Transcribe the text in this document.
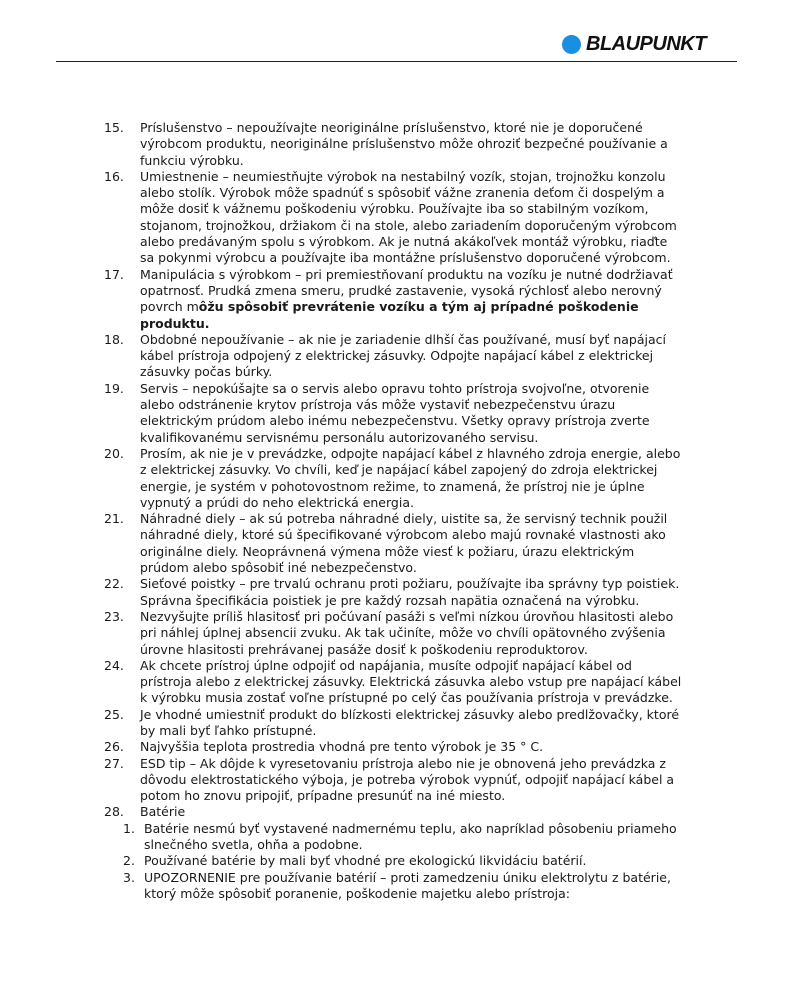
BLAUPUNKT
15. Príslušenstvo – nepoužívajte neoriginálne príslušenstvo, ktoré nie je doporučené výrobcom produktu, neoriginálne príslušenstvo môže ohroziť bezpečné používanie a funkciu výrobku.
16. Umiestnenie – neumiestňujte výrobok na nestabilný vozík, stojan, trojnožku konzolu alebo stolík. Výrobok môže spadnúť s spôsobiť vážne zranenia deťom či dospelým a môže dosiť k vážnemu poškodeniu výrobku. Používajte iba so stabilným vozíkom, stojanom, trojnožkou, držiakom či na stole, alebo zariadením doporučeným výrobcom alebo predávaným spolu s výrobkom. Ak je nutná akákoľvek montáž výrobku, riaďte sa pokynmi výrobcu a používajte iba montážne príslušenstvo doporučené výrobcom.
17. Manipulácia s výrobkom – pri premiestňovaní produktu na vozíku je nutné dodržiavať opatrnosť. Prudká zmena smeru, prudké zastavenie, vysoká rýchlosť alebo nerovný povrch môžu spôsobiť prevrátenie vozíku a tým aj prípadné poškodenie produktu.
18. Obdobné nepoužívanie – ak nie je zariadenie dlhší čas používané, musí byť napájací kábel prístroja odpojený z elektrickej zásuvky. Odpojte napájací kábel z elektrickej zásuvky počas búrky.
19. Servis – nepokúšajte sa o servis alebo opravu tohto prístroja svojvoľne, otvorenie alebo odstránenie krytov prístroja vás môže vystaviť nebezpečenstvu úrazu elektrickým prúdom alebo inému nebezpečenstvu. Všetky opravy prístroja zverte kvalifikovanému servisnému personálu autorizovaného servisu.
20. Prosím, ak nie je v prevádzke, odpojte napájací kábel z hlavného zdroja energie, alebo z elektrickej zásuvky. Vo chvíli, keď je napájací kábel zapojený do zdroja elektrickej energie, je systém v pohotovostnom režime, to znamená, že prístroj nie je úplne vypnutý a prúdi do neho elektrická energia.
21. Náhradné diely – ak sú potreba náhradné diely, uistite sa, že servisný technik použil náhradné diely, ktoré sú špecifikované výrobcom alebo majú rovnaké vlastnosti ako originálne diely. Neoprávnená výmena môže viesť k požiaru, úrazu elektrickým prúdom alebo spôsobiť iné nebezpečenstvo.
22. Sieťové poistky – pre trvalú ochranu proti požiaru, používajte iba správny typ poistiek. Správna špecifikácia poistiek je pre každý rozsah napätia označená na výrobku.
23. Nezvyšujte príliš hlasitosť pri počúvaní pasáži s veľmi nízkou úrovňou hlasitosti alebo pri náhlej úplnej absencii zvuku. Ak tak učiníte, môže vo chvíli opätovného zvýšenia úrovne hlasitosti prehrávanej pasáže dosiť k poškodeniu reproduktorov.
24. Ak chcete prístroj úplne odpojiť od napájania, musíte odpojiť napájací kábel od prístroja alebo z elektrickej zásuvky. Elektrická zásuvka alebo vstup pre napájací kábel k výrobku musia zostať voľne prístupné po celý čas používania prístroja v prevádzke.
25. Je vhodné umiestniť produkt do blízkosti elektrickej zásuvky alebo predlžovačky, ktoré by mali byť ľahko prístupné.
26. Najvyššia teplota prostredia vhodná pre tento výrobok je 35 ° C.
27. ESD tip – Ak dôjde k vyresetovaniu prístroja alebo nie je obnovená jeho prevádzka z dôvodu elektrostatického výboja, je potreba výrobok vypnúť, odpojiť napájací kábel a potom ho znovu pripojiť, prípadne presunúť na iné miesto.
28. Batérie
1. Batérie nesmú byť vystavené nadmernému teplu, ako napríklad pôsobeniu priameho slnečného svetla, ohňa a podobne.
2. Používané batérie by mali byť vhodné pre ekologickú likvidáciu batérií.
3. UPOZORNENIE pre používanie batérií – proti zamedzeniu úniku elektrolytu z batérie, ktorý môže spôsobiť poranenie, poškodenie majetku alebo prístroja:
